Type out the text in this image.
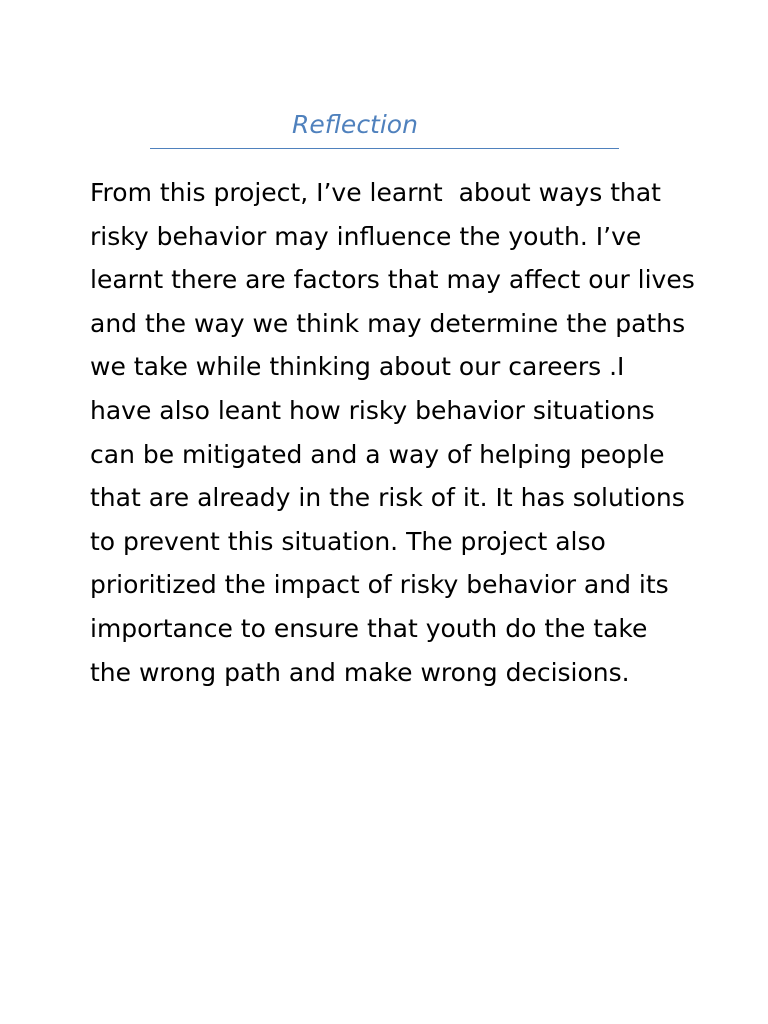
Reflection
From this project, I’ve learnt  about ways that
risky behavior may influence the youth. I’ve
learnt there are factors that may affect our lives
and the way we think may determine the paths
we take while thinking about our careers .I
have also leant how risky behavior situations
can be mitigated and a way of helping people
that are already in the risk of it. It has solutions
to prevent this situation. The project also
prioritized the impact of risky behavior and its
importance to ensure that youth do the take
the wrong path and make wrong decisions.
